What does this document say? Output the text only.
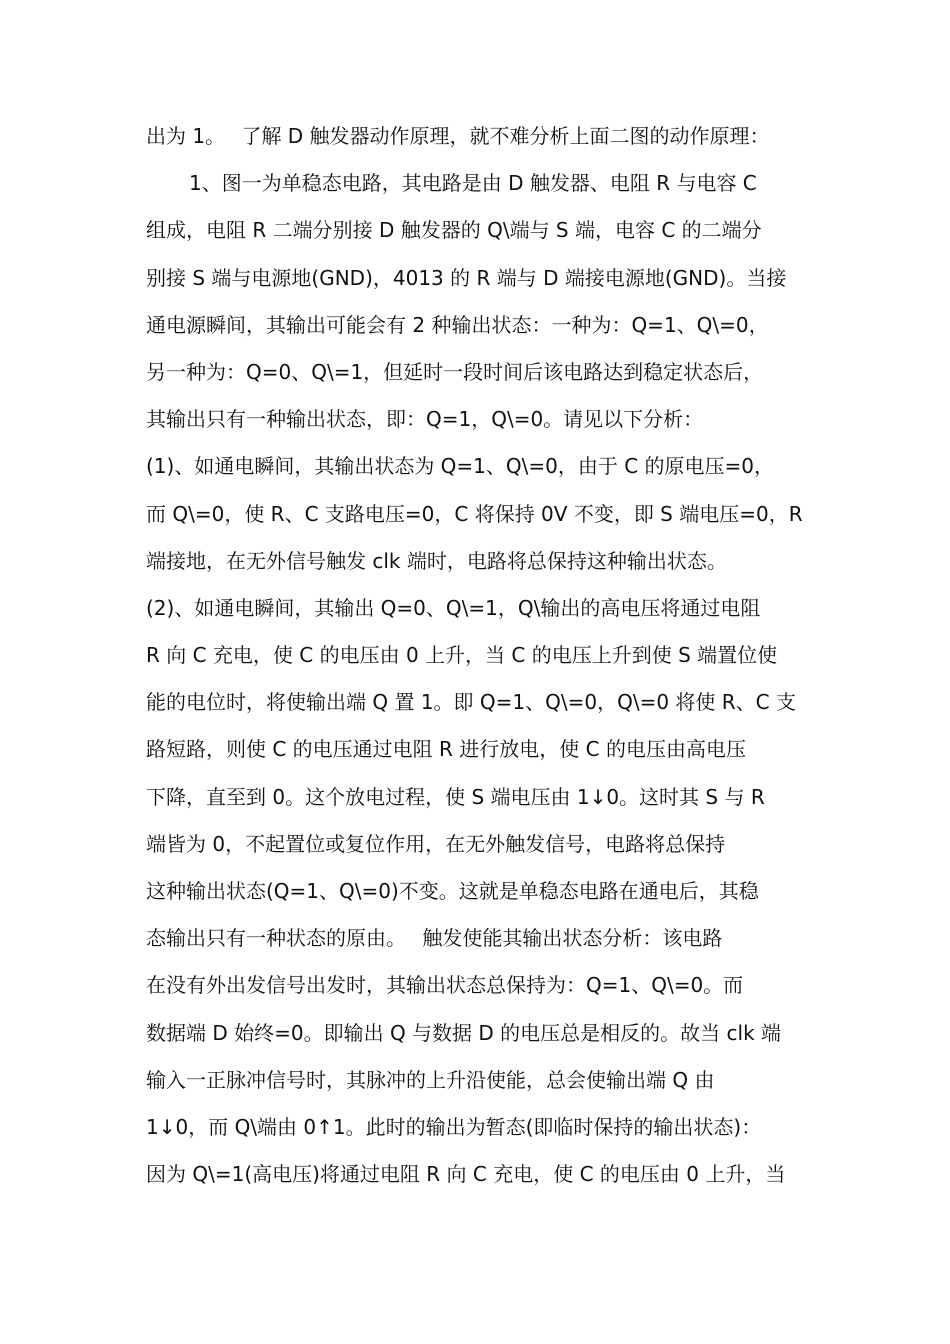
出为 1。　 了解 D 触发器动作原理，就不难分析上面二图的动作原理：
1、图一为单稳态电路，其电路是由 D 触发器、电阻 R 与电容 C
组成，电阻 R 二端分别接 D 触发器的 Q\端与 S 端，电容 C 的二端分
别接 S 端与电源地(GND)，4013 的 R 端与 D 端接电源地(GND)。当接
通电源瞬间，其输出可能会有 2 种输出状态：一种为：Q=1、Q\=0，
另一种为：Q=0、Q\=1，但延时一段时间后该电路达到稳定状态后，
其输出只有一种输出状态，即：Q=1，Q\=0。请见以下分析：
(1)、如通电瞬间，其输出状态为 Q=1、Q\=0，由于 C 的原电压=0，
而 Q\=0，使 R、C 支路电压=0，C 将保持 0V 不变，即 S 端电压=0，R
端接地，在无外信号触发 clk 端时，电路将总保持这种输出状态。
(2)、如通电瞬间，其输出 Q=0、Q\=1，Q\输出的高电压将通过电阻
R 向 C 充电，使 C 的电压由 0 上升，当 C 的电压上升到使 S 端置位使
能的电位时，将使输出端 Q 置 1。即 Q=1、Q\=0，Q\=0 将使 R、C 支
路短路，则使 C 的电压通过电阻 R 进行放电，使 C 的电压由高电压
下降，直至到 0。这个放电过程，使 S 端电压由 1↓0。这时其 S 与 R
端皆为 0，不起置位或复位作用，在无外触发信号，电路将总保持
这种输出状态(Q=1、Q\=0)不变。这就是单稳态电路在通电后，其稳
态输出只有一种状态的原由。　 触发使能其输出状态分析：该电路
在没有外出发信号出发时，其输出状态总保持为：Q=1、Q\=0。而
数据端 D 始终=0。即输出 Q 与数据 D 的电压总是相反的。故当 clk 端
输入一正脉冲信号时，其脉冲的上升沿使能，总会使输出端 Q 由
1↓0，而 Q\端由 0↑1。此时的输出为暂态(即临时保持的输出状态)：
因为 Q\=1(高电压)将通过电阻 R 向 C 充电，使 C 的电压由 0 上升，当
